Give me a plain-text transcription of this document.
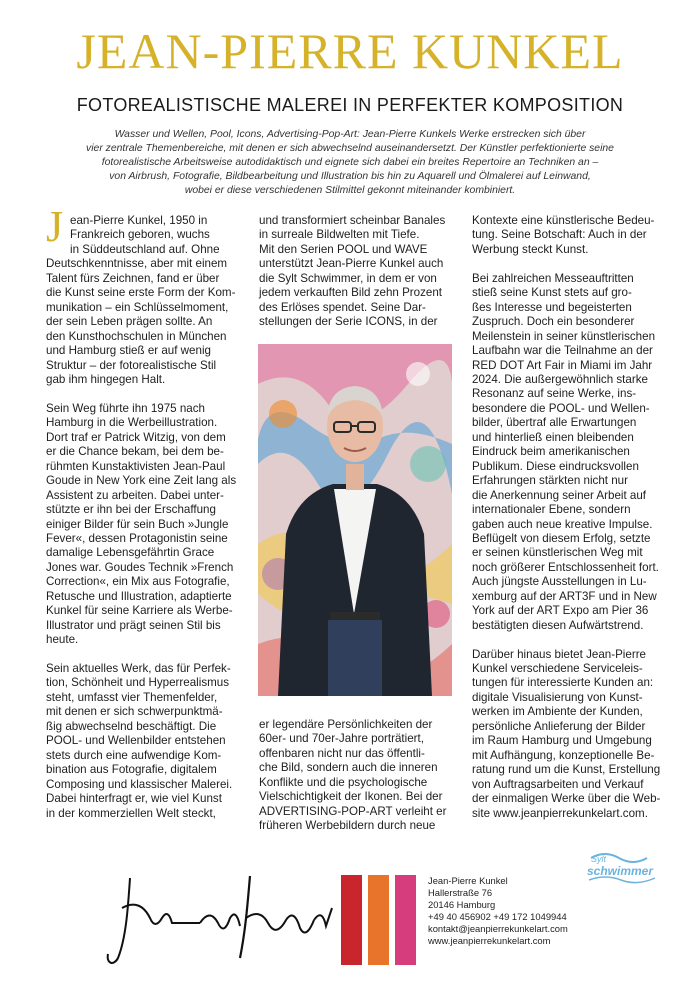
JEAN-PIERRE KUNKEL
FOTOREALISTISCHE MALEREI IN PERFEKTER KOMPOSITION
Wasser und Wellen, Pool, Icons, Advertising-Pop-Art: Jean-Pierre Kunkels Werke erstrecken sich über
vier zentrale Themenbereiche, mit denen er sich abwechselnd auseinandersetzt. Der Künstler perfektionierte seine
fotorealistische Arbeitsweise autodidaktisch und eignete sich dabei ein breites Repertoire an Techniken an –
von Airbrush, Fotografie, Bildbearbeitung und Illustration bis hin zu Aquarell und Ölmalerei auf Leinwand,
wobei er diese verschiedenen Stilmittel gekonnt miteinander kombiniert.
J ean-Pierre Kunkel, 1950 in
Frankreich geboren, wuchs
in Süddeutschland auf. Ohne
Deutschkenntnisse, aber mit einem
Talent fürs Zeichnen, fand er über
die Kunst seine erste Form der Kom-
munikation – ein Schlüsselmoment,
der sein Leben prägen sollte. An
den Kunsthochschulen in München
und Hamburg stieß er auf wenig
Struktur – der fotorealistische Stil
gab ihm hingegen Halt.
Sein Weg führte ihn 1975 nach
Hamburg in die Werbeillustration.
Dort traf er Patrick Witzig, von dem
er die Chance bekam, bei dem be-
rühmten Kunstaktivisten Jean-Paul
Goude in New York eine Zeit lang als
Assistent zu arbeiten. Dabei unter-
stützte er ihn bei der Erschaffung
einiger Bilder für sein Buch »Jungle
Fever«, dessen Protagonistin seine
damalige Lebensgefährtin Grace
Jones war. Goudes Technik »French
Correction«, ein Mix aus Fotografie,
Retusche und Illustration, adaptierte
Kunkel für seine Karriere als Werbe-
Illustrator und prägt seinen Stil bis
heute.
Sein aktuelles Werk, das für Perfek-
tion, Schönheit und Hyperrealismus
steht, umfasst vier Themenfelder,
mit denen er sich schwerpunktmä-
ßig abwechselnd beschäftigt. Die
POOL- und Wellenbilder entstehen
stets durch eine aufwendige Kom-
bination aus Fotografie, digitalem
Composing und klassischer Malerei.
Dabei hinterfragt er, wie viel Kunst
in der kommerziellen Welt steckt,
und transformiert scheinbar Banales
in surreale Bildwelten mit Tiefe.
Mit den Serien POOL und WAVE
unterstützt Jean-Pierre Kunkel auch
die Sylt Schwimmer, in dem er von
jedem verkauften Bild zehn Prozent
des Erlöses spendet. Seine Dar-
stellungen der Serie ICONS, in der
er legendäre Persönlichkeiten der
60er- und 70er-Jahre porträtiert,
offenbaren nicht nur das öffentli-
che Bild, sondern auch die inneren
Konflikte und die psychologische
Vielschichtigkeit der Ikonen. Bei der
ADVERTISING-POP-ART verleiht er
früheren Werbebildern durch neue
Kontexte eine künstlerische Bedeu-
tung. Seine Botschaft: Auch in der
Werbung steckt Kunst.
Bei zahlreichen Messeauftritten
stieß seine Kunst stets auf gro-
ßes Interesse und begeisterten
Zuspruch. Doch ein besonderer
Meilenstein in seiner künstlerischen
Laufbahn war die Teilnahme an der
RED DOT Art Fair in Miami im Jahr
2024. Die außergewöhnlich starke
Resonanz auf seine Werke, ins-
besondere die POOL- und Wellen-
bilder, übertraf alle Erwartungen
und hinterließ einen bleibenden
Eindruck beim amerikanischen
Publikum. Diese eindrucksvollen
Erfahrungen stärkten nicht nur
die Anerkennung seiner Arbeit auf
internationaler Ebene, sondern
gaben auch neue kreative Impulse.
Beflügelt von diesem Erfolg, setzte
er seinen künstlerischen Weg mit
noch größerer Entschlossenheit fort.
Auch jüngste Ausstellungen in Lu-
xemburg auf der ART3F und in New
York auf der ART Expo am Pier 36
bestätigten diesen Aufwärtstrend.
Darüber hinaus bietet Jean-Pierre
Kunkel verschiedene Serviceleis-
tungen für interessierte Kunden an:
digitale Visualisierung von Kunst-
werken im Ambiente der Kunden,
persönliche Anlieferung der Bilder
im Raum Hamburg und Umgebung
mit Aufhängung, konzeptionelle Be-
ratung rund um die Kunst, Erstellung
von Auftragsarbeiten und Verkauf
der einmaligen Werke über die Web-
site www.jeanpierrekunkelart.com.
Jean-Pierre Kunkel
Hallerstraße 76
20146 Hamburg
+49 40 456902 +49 172 1049944
kontakt@jeanpierrekunkelart.com
www.jeanpierrekunkelart.com
Sylt
schwimmer
